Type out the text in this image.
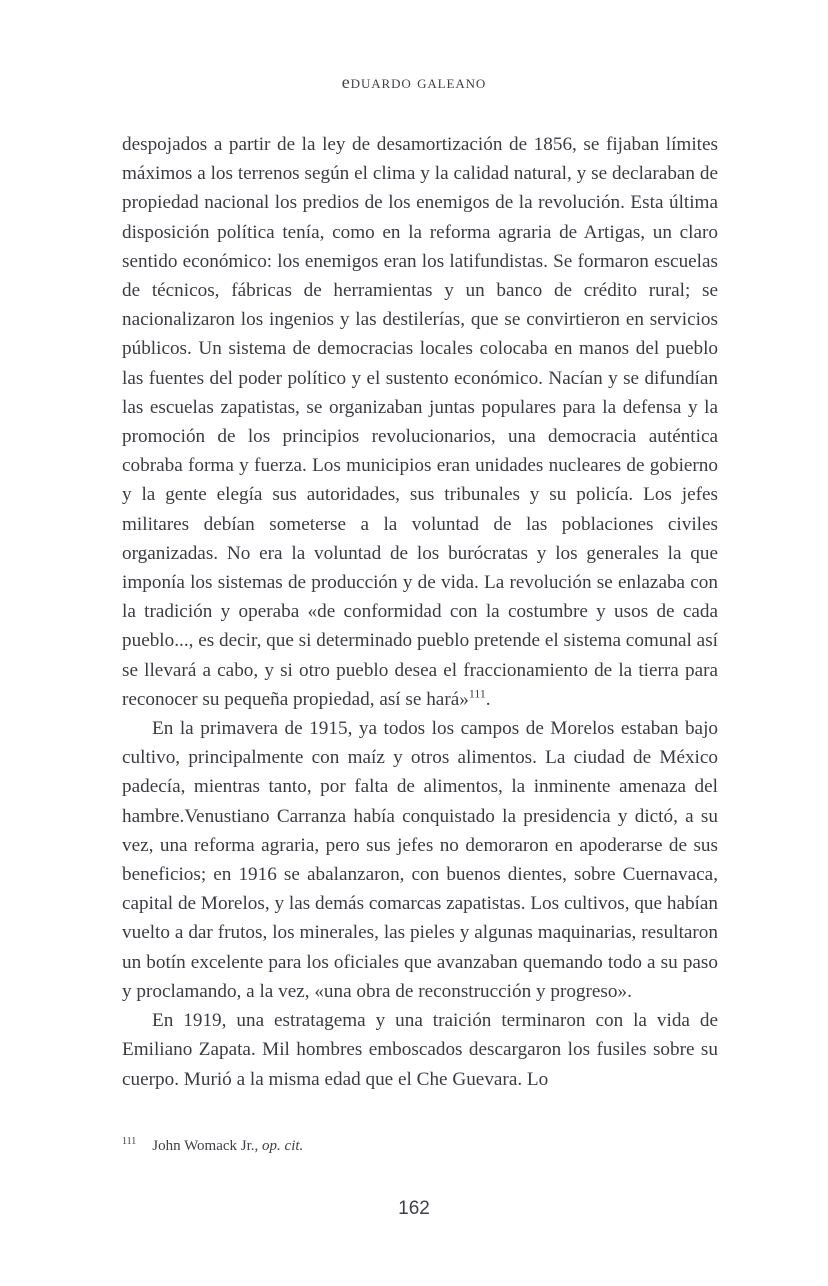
eduardo galeano

despojados a partir de la ley de desamortización de 1856, se fijaban límites máximos a los terrenos según el clima y la calidad natural, y se declaraban de propiedad nacional los predios de los enemigos de la revolución. Esta última disposición política tenía, como en la reforma agraria de Artigas, un claro sentido económico: los enemigos eran los latifundistas. Se formaron escuelas de técnicos, fábricas de herramientas y un banco de crédito rural; se nacionalizaron los ingenios y las destilerías, que se convirtieron en servicios públicos. Un sistema de democracias locales colocaba en manos del pueblo las fuentes del poder político y el sustento económico. Nacían y se difundían las escuelas zapatistas, se organizaban juntas populares para la defensa y la promoción de los principios revolucionarios, una democracia auténtica cobraba forma y fuerza. Los municipios eran unidades nucleares de gobierno y la gente elegía sus autoridades, sus tribunales y su policía. Los jefes militares debían someterse a la voluntad de las poblaciones civiles organizadas. No era la voluntad de los burócratas y los generales la que imponía los sistemas de producción y de vida. La revolución se enlazaba con la tradición y operaba «de conformidad con la costumbre y usos de cada pueblo..., es decir, que si determinado pueblo pretende el sistema comunal así se llevará a cabo, y si otro pueblo desea el fraccionamiento de la tierra para reconocer su pequeña propiedad, así se hará»$^{111}$.

En la primavera de 1915, ya todos los campos de Morelos estaban bajo cultivo, principalmente con maíz y otros alimentos. La ciudad de México padecía, mientras tanto, por falta de alimentos, la inminente amenaza del hambre.Venustiano Carranza había conquistado la presidencia y dictó, a su vez, una reforma agraria, pero sus jefes no demoraron en apoderarse de sus beneficios; en 1916 se abalanzaron, con buenos dientes, sobre Cuernavaca, capital de Morelos, y las demás comarcas zapatistas. Los cultivos, que habían vuelto a dar frutos, los minerales, las pieles y algunas maquinarias, resultaron un botín excelente para los oficiales que avanzaban quemando todo a su paso y proclamando, a la vez, «una obra de reconstrucción y progreso».

En 1919, una estratagema y una traición terminaron con la vida de Emiliano Zapata. Mil hombres emboscados descargaron los fusiles sobre su cuerpo. Murió a la misma edad que el Che Guevara. Lo

$^{111}$ John Womack Jr., op. cit.
162
